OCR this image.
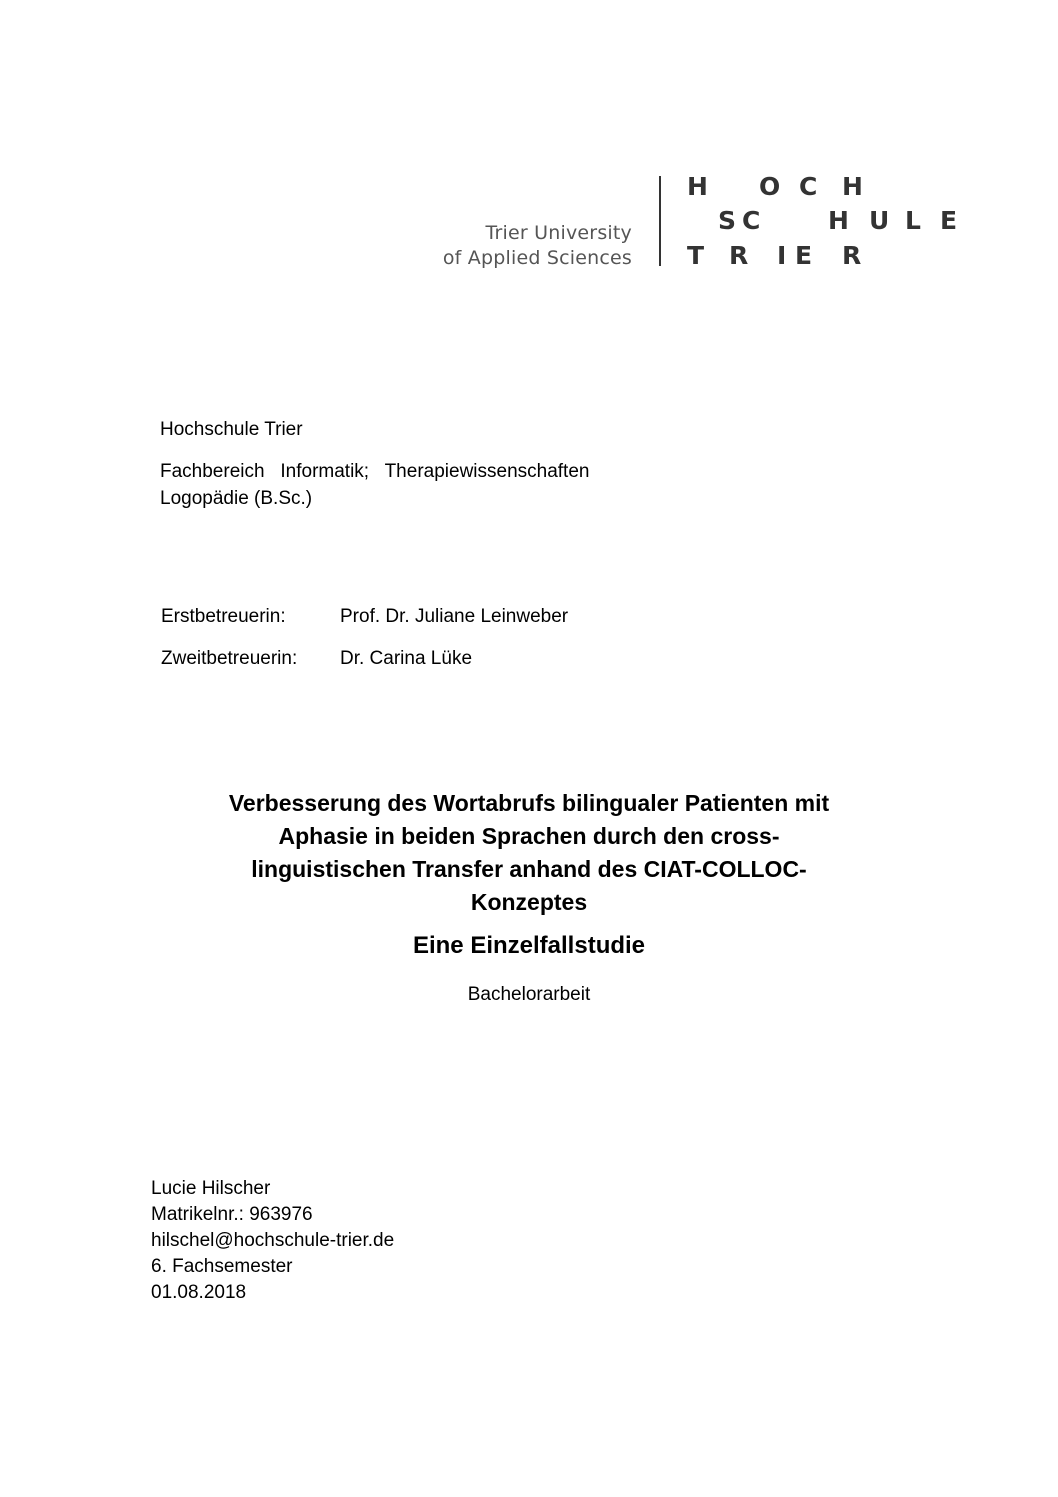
Trier University
of Applied Sciences
H O C H
S C	H U L E
T R I E R
Hochschule Trier
Fachbereich   Informatik;   Therapiewissenschaften
Logopädie (B.Sc.)
Erstbetreuerin:	Prof. Dr. Juliane Leinweber
Zweitbetreuerin: Dr. Carina Lüke
Verbesserung des Wortabrufs bilingualer Patienten mit
Aphasie in beiden Sprachen durch den cross-
linguistischen Transfer anhand des CIAT-COLLOC-
Konzeptes
Eine Einzelfallstudie
Bachelorarbeit
Lucie Hilscher
Matrikelnr.: 963976
hilschel@hochschule-trier.de
6. Fachsemester
01.08.2018
